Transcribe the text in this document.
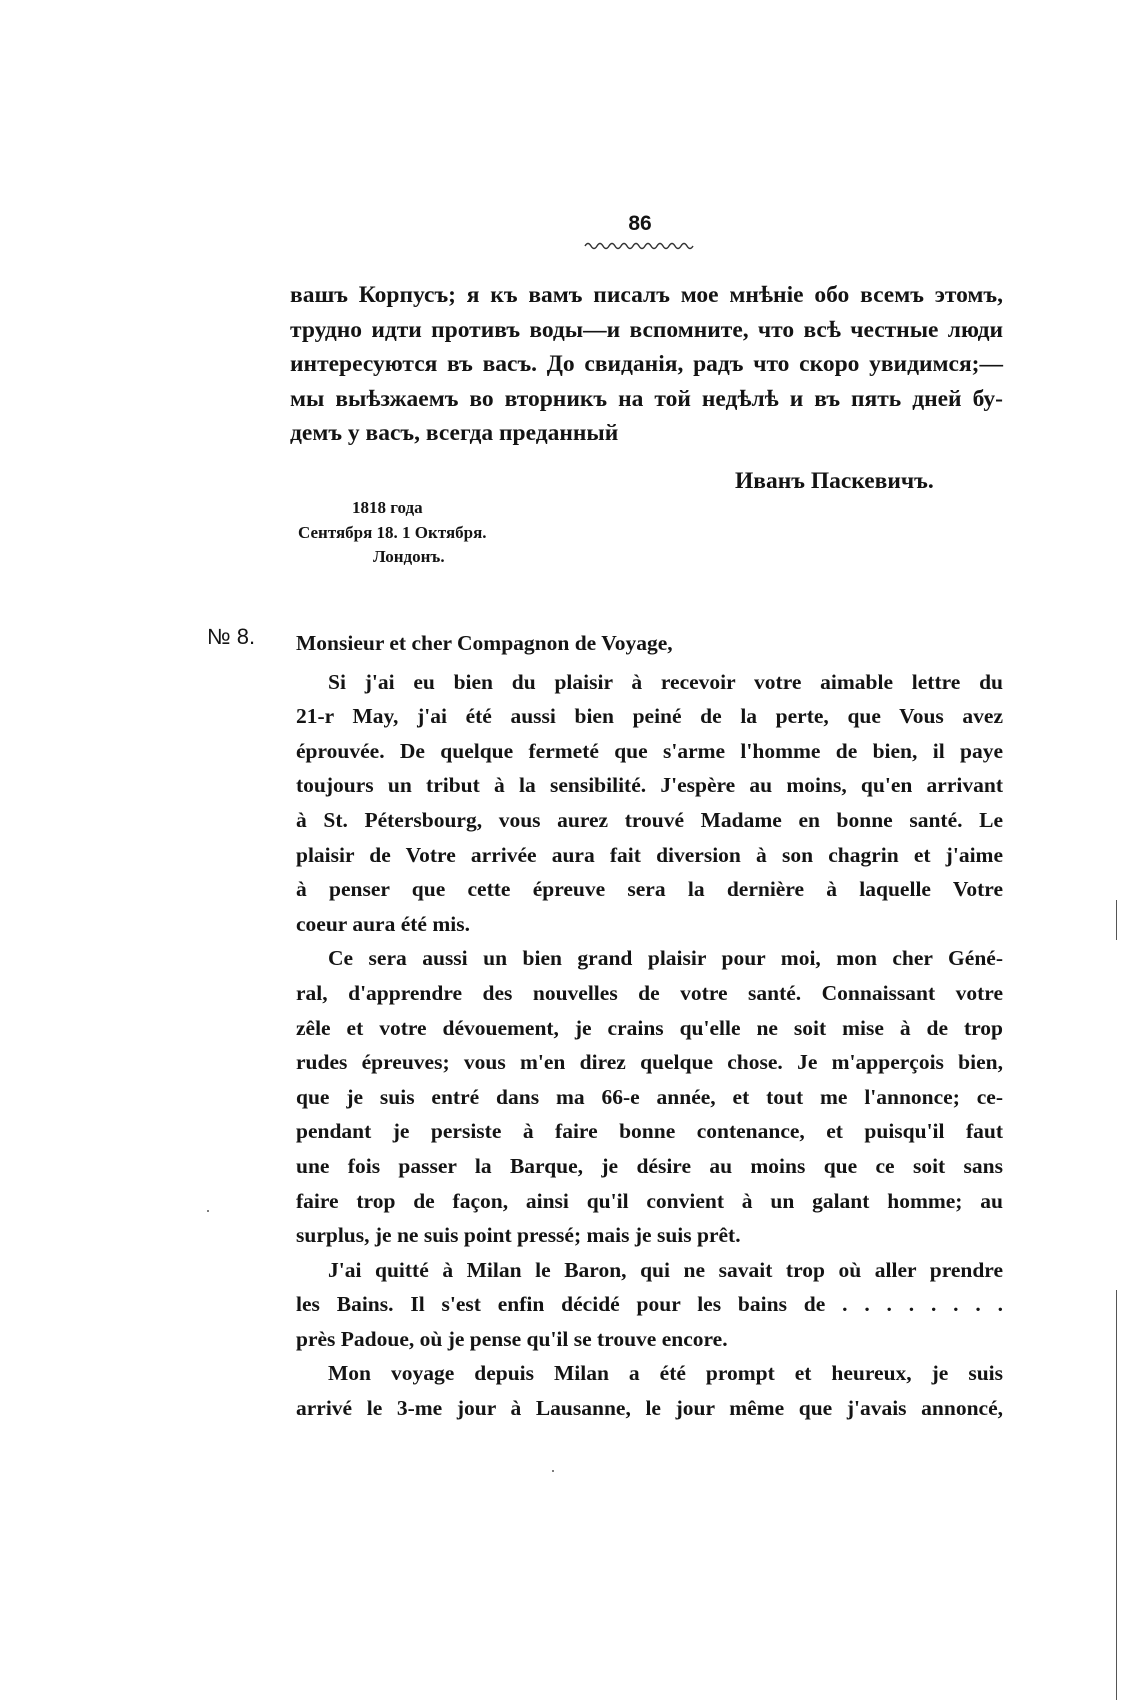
86
вашъ Корпусъ; я къ вамъ писалъ мое мнѣніе обо всемъ этомъ,
трудно идти противъ воды—и вспомните, что всѣ честные люди
интересуются въ васъ. До свиданія, радъ что скоро увидимся;—
мы выѣзжаемъ во вторникъ на той недѣлѣ и въ пять дней бу-
демъ у васъ, всегда преданный
Иванъ Паскевичъ.
1818 года
Сентября 18. 1 Октября.
Лондонъ.
№ 8. Monsieur et cher Compagnon de Voyage,
Si j'ai eu bien du plaisir à recevoir votre aimable lettre du
21-r May, j'ai été aussi bien peiné de la perte, que Vous avez
éprouvée. De quelque fermeté que s'arme l'homme de bien, il paye
toujours un tribut à la sensibilité. J'espère au moins, qu'en arrivant
à St. Pétersbourg, vous aurez trouvé Madame en bonne santé. Le
plaisir de Votre arrivée aura fait diversion à son chagrin et j'aime
à penser que cette épreuve sera la dernière à laquelle Votre
coeur aura été mis.
Ce sera aussi un bien grand plaisir pour moi, mon cher Géné-
ral, d'apprendre des nouvelles de votre santé. Connaissant votre
zêle et votre dévouement, je crains qu'elle ne soit mise à de trop
rudes épreuves; vous m'en direz quelque chose. Je m'apperçois bien,
que je suis entré dans ma 66-e année, et tout me l'annonce; ce-
pendant je persiste à faire bonne contenance, et puisqu'il faut
une fois passer la Barque, je désire au moins que ce soit sans
faire trop de façon, ainsi qu'il convient à un galant homme; au
surplus, je ne suis point pressé; mais je suis prêt.
J'ai quitté à Milan le Baron, qui ne savait trop où aller prendre
les Bains. Il s'est enfin décidé pour les bains de . . . . . . . .
près Padoue, où je pense qu'il se trouve encore.
Mon voyage depuis Milan a été prompt et heureux, je suis
arrivé le 3-me jour à Lausanne, le jour même que j'avais annoncé,
